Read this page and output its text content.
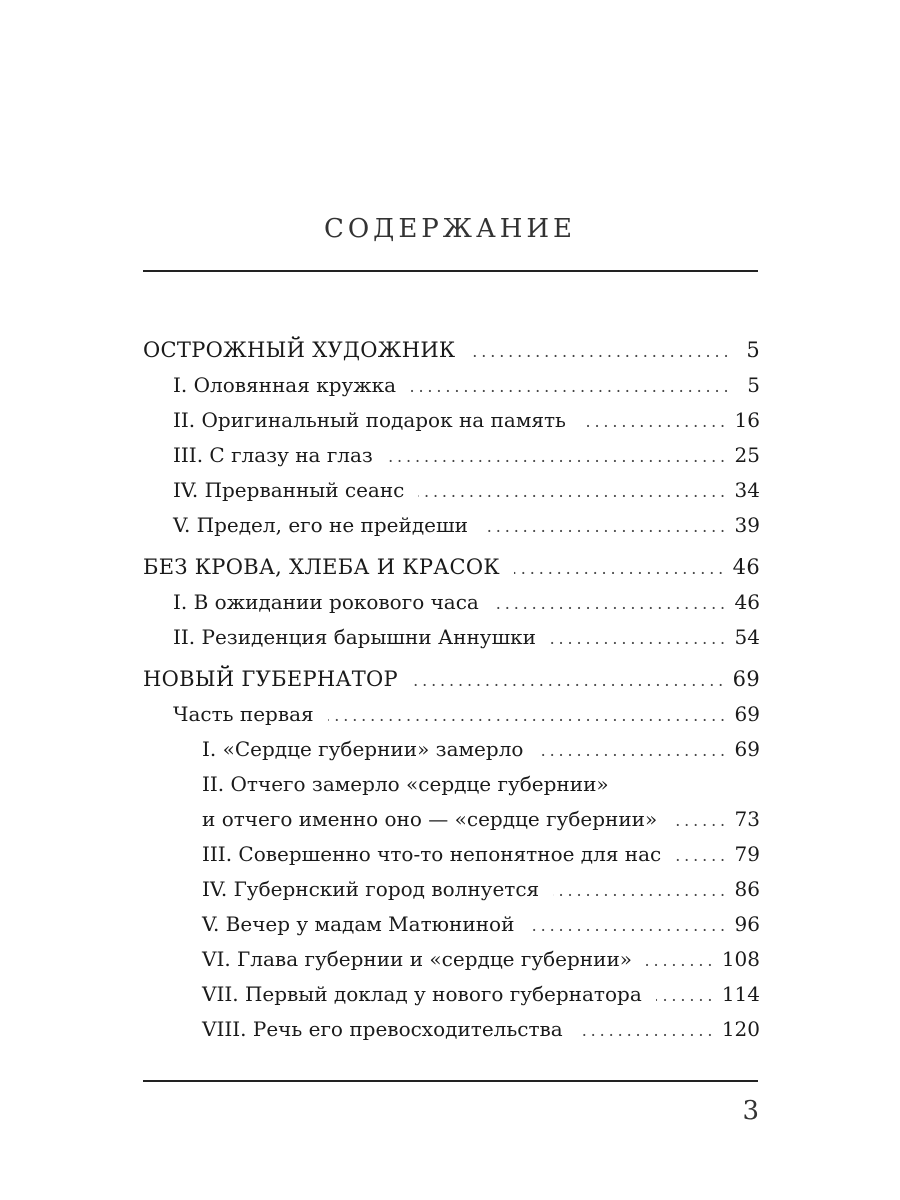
СОДЕРЖАНИЕ
ОСТРОЖНЫЙ ХУДОЖНИК . . .	5
I. Оловянная кружка . . .	5
II. Оригинальный подарок на память . . .	16
III. С глазу на глаз . . .	25
IV. Прерванный сеанс . . .	34
V. Предел, его не прейдеши . . .	39
БЕЗ КРОВА, ХЛЕБА И КРАСОК . . .	46
I. В ожидании рокового часа . . .	46
II. Резиденция барышни Аннушки . . .	54
НОВЫЙ ГУБЕРНАТОР . . .	69
Часть первая . . .	69
I. «Сердце губернии» замерло . . .	69
II. Отчего замерло «сердце губернии»
и отчего именно оно — «сердце губернии» . . .	73
III. Совершенно что-то непонятное для нас . . .	79
IV. Губернский город волнуется . . .	86
V. Вечер у мадам Матюниной . . .	96
VI. Глава губернии и «сердце губернии» . . .	108
VII. Первый доклад у нового губернатора . . .	114
VIII. Речь его превосходительства . . .	120
3
